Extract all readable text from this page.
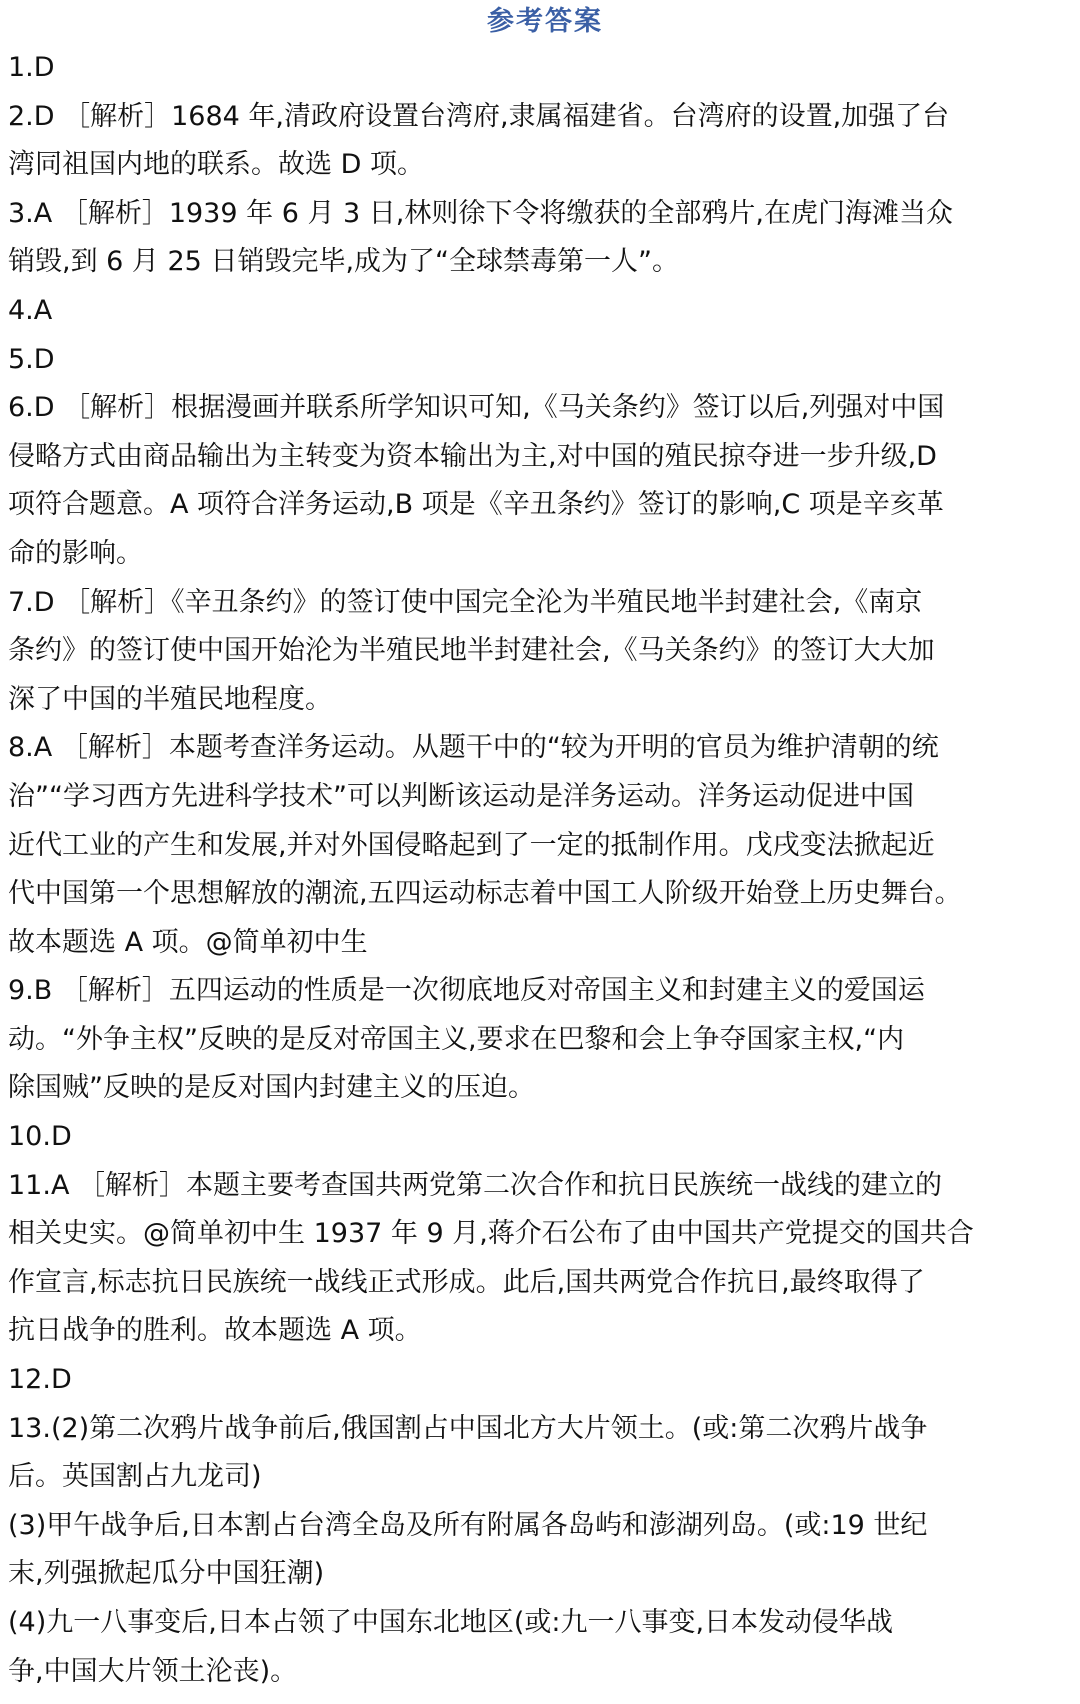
参考答案

1.D

2.D ［解析］1684 年,清政府设置台湾府,隶属福建省。台湾府的设置,加强了台

湾同祖国内地的联系。故选 D 项。

3.A ［解析］1939 年 6 月 3 日,林则徐下令将缴获的全部鸦片,在虎门海滩当众

销毁,到 6 月 25 日销毁完毕,成为了“全球禁毒第一人”。

4.A

5.D

6.D ［解析］根据漫画并联系所学知识可知,《马关条约》签订以后,列强对中国

侵略方式由商品输出为主转变为资本输出为主,对中国的殖民掠夺进一步升级,D

项符合题意。A 项符合洋务运动,B 项是《辛丑条约》签订的影响,C 项是辛亥革

命的影响。

7.D ［解析］《辛丑条约》的签订使中国完全沦为半殖民地半封建社会,《南京

条约》的签订使中国开始沦为半殖民地半封建社会,《马关条约》的签订大大加

深了中国的半殖民地程度。

8.A ［解析］本题考查洋务运动。从题干中的“较为开明的官员为维护清朝的统

治”“学习西方先进科学技术”可以判断该运动是洋务运动。洋务运动促进中国

近代工业的产生和发展,并对外国侵略起到了一定的抵制作用。戊戌变法掀起近

代中国第一个思想解放的潮流,五四运动标志着中国工人阶级开始登上历史舞台。

故本题选 A 项。@简单初中生

9.B ［解析］五四运动的性质是一次彻底地反对帝国主义和封建主义的爱国运

动。“外争主权”反映的是反对帝国主义,要求在巴黎和会上争夺国家主权,“内

除国贼”反映的是反对国内封建主义的压迫。

10.D

11.A ［解析］本题主要考查国共两党第二次合作和抗日民族统一战线的建立的

相关史实。@简单初中生 1937 年 9 月,蒋介石公布了由中国共产党提交的国共合

作宣言,标志抗日民族统一战线正式形成。此后,国共两党合作抗日,最终取得了

抗日战争的胜利。故本题选 A 项。

12.D

13.(2)第二次鸦片战争前后,俄国割占中国北方大片领土。(或:第二次鸦片战争

后。英国割占九龙司)

(3)甲午战争后,日本割占台湾全岛及所有附属各岛屿和澎湖列岛。(或:19 世纪

末,列强掀起瓜分中国狂潮)

(4)九一八事变后,日本占领了中国东北地区(或:九一八事变,日本发动侵华战

争,中国大片领土沦丧)。
